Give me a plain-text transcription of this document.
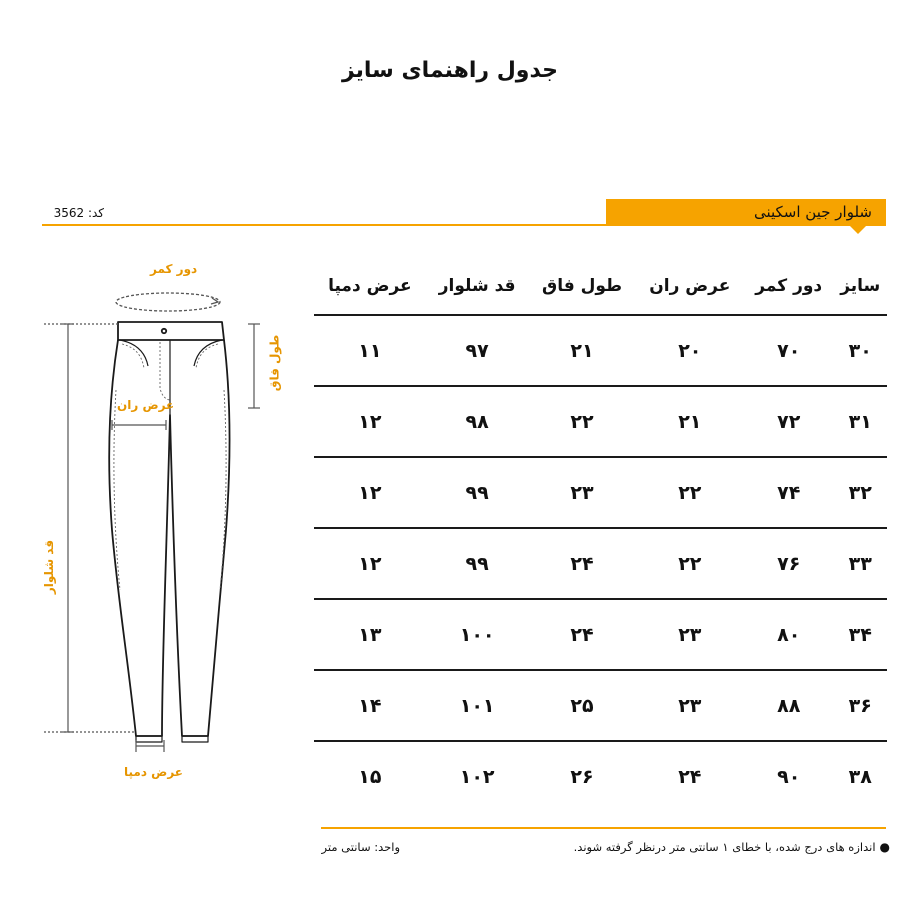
جدول راهنمای سایز
شلوار جین اسکینی
کد: 3562
دور کمر
عرض ران
طول فاق
قد شلوار
عرض دمپا
سایز	دور کمر	عرض ران	طول فاق	قد شلوار	عرض دمپا
۳۰	۷۰	۲۰	۲۱	۹۷	۱۱
۳۱	۷۲	۲۱	۲۲	۹۸	۱۲
۳۲	۷۴	۲۲	۲۳	۹۹	۱۲
۳۳	۷۶	۲۲	۲۴	۹۹	۱۲
۳۴	۸۰	۲۳	۲۴	۱۰۰	۱۳
۳۶	۸۸	۲۳	۲۵	۱۰۱	۱۴
۳۸	۹۰	۲۴	۲۶	۱۰۲	۱۵
●اندازه های درج شده، با خطای ۱ سانتی متر درنظر گرفته شوند.
واحد: سانتی متر
